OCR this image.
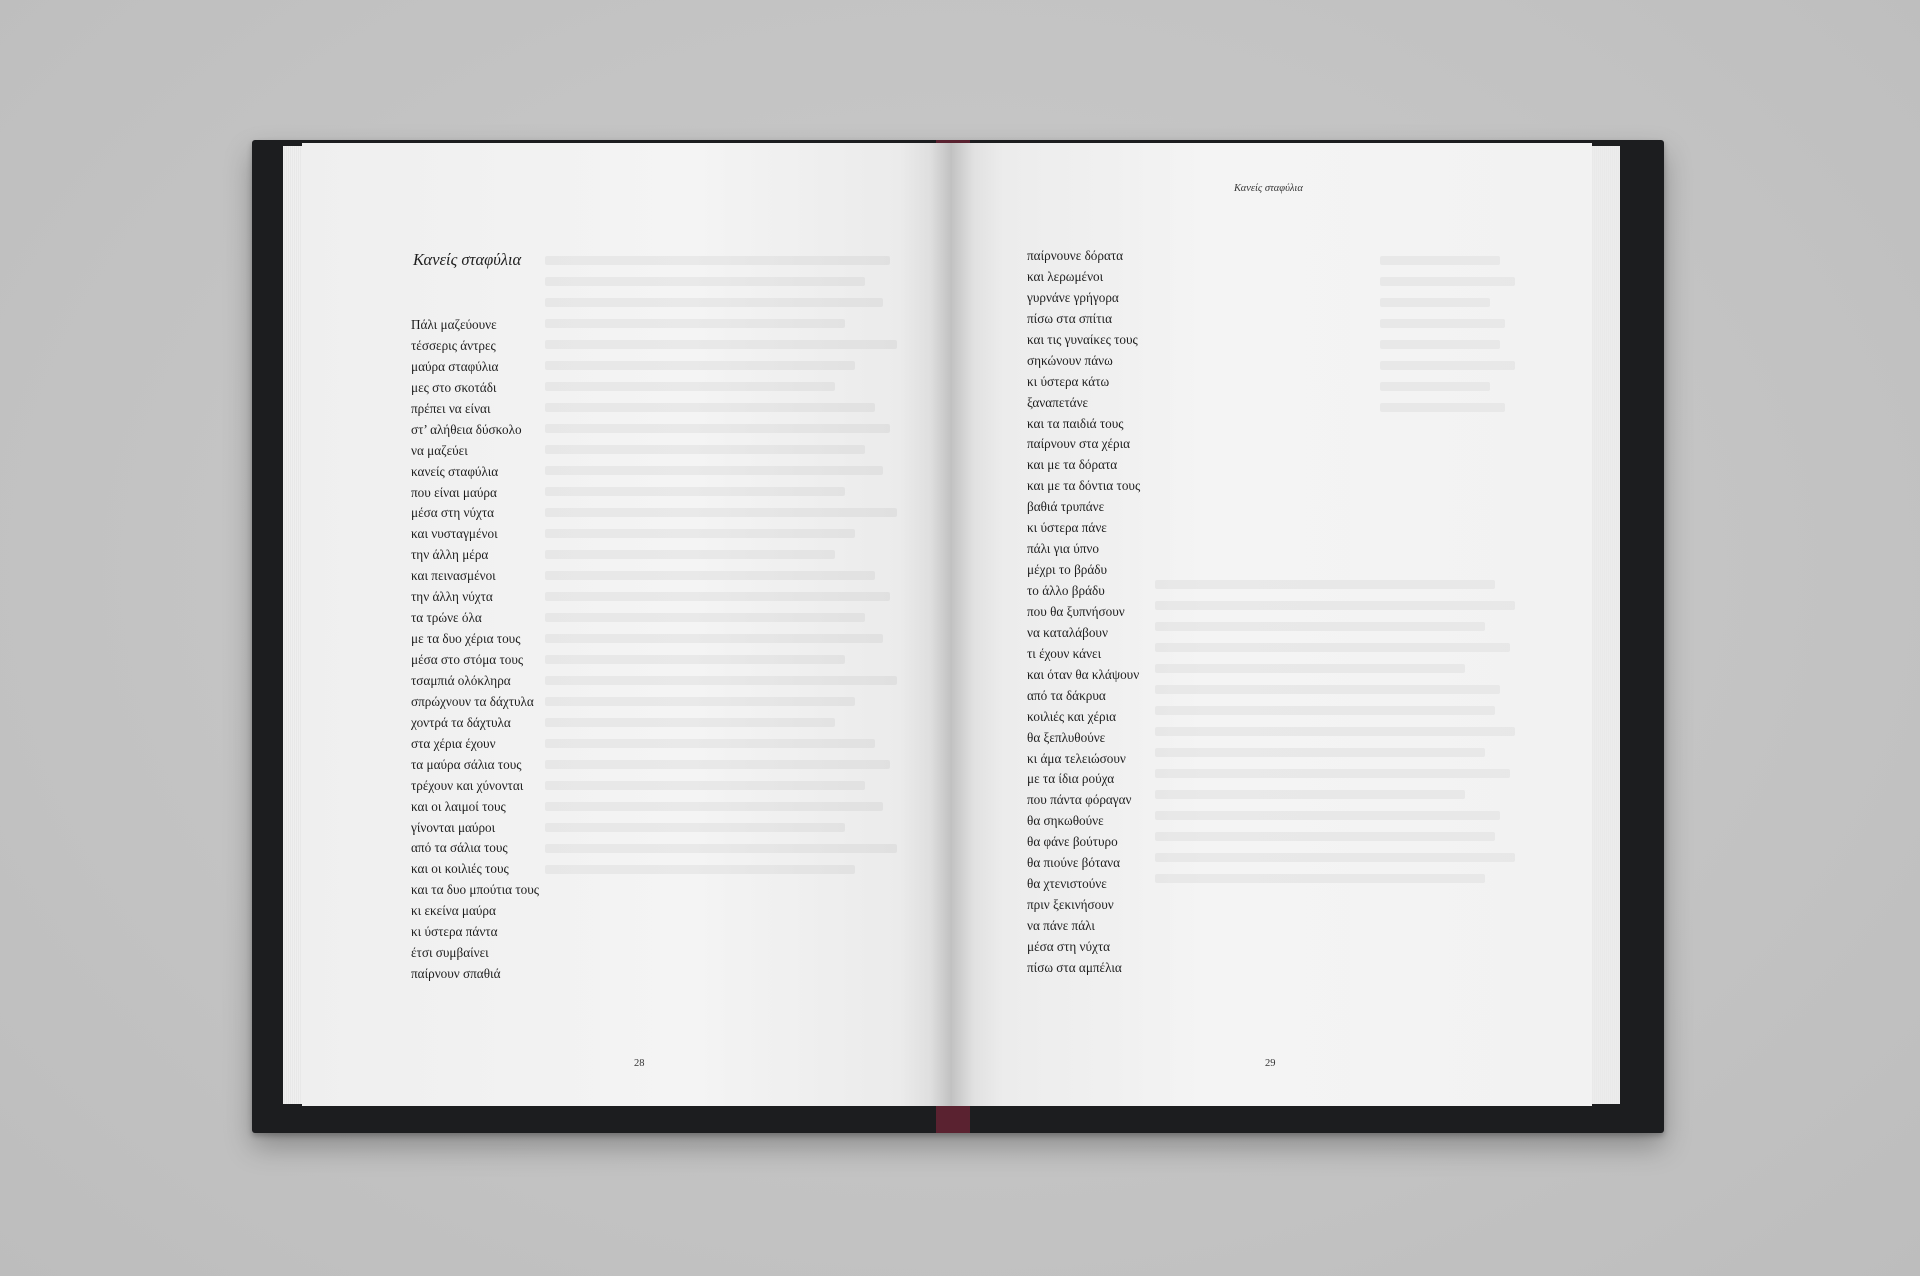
Κανείς σταφύλια
Πάλι μαζεύουνε
τέσσερις άντρες
μαύρα σταφύλια
μες στο σκοτάδι
πρέπει να είναι
στ’ αλήθεια δύσκολο
να μαζεύει
κανείς σταφύλια
που είναι μαύρα
μέσα στη νύχτα
και νυσταγμένοι
την άλλη μέρα
και πεινασμένοι
την άλλη νύχτα
τα τρώνε όλα
με τα δυο χέρια τους
μέσα στο στόμα τους
τσαμπιά ολόκληρα
σπρώχνουν τα δάχτυλα
χοντρά τα δάχτυλα
στα χέρια έχουν
τα μαύρα σάλια τους
τρέχουν και χύνονται
και οι λαιμοί τους
γίνονται μαύροι
από τα σάλια τους
και οι κοιλιές τους
και τα δυο μπούτια τους
κι εκείνα μαύρα
κι ύστερα πάντα
έτσι συμβαίνει
παίρνουν σπαθιά
28
Κανείς σταφύλια
παίρνουνε δόρατα
και λερωμένοι
γυρνάνε γρήγορα
πίσω στα σπίτια
και τις γυναίκες τους
σηκώνουν πάνω
κι ύστερα κάτω
ξαναπετάνε
και τα παιδιά τους
παίρνουν στα χέρια
και με τα δόρατα
και με τα δόντια τους
βαθιά τρυπάνε
κι ύστερα πάνε
πάλι για ύπνο
μέχρι το βράδυ
το άλλο βράδυ
που θα ξυπνήσουν
να καταλάβουν
τι έχουν κάνει
και όταν θα κλάψουν
από τα δάκρυα
κοιλιές και χέρια
θα ξεπλυθούνε
κι άμα τελειώσουν
με τα ίδια ρούχα
που πάντα φόραγαν
θα σηκωθούνε
θα φάνε βούτυρο
θα πιούνε βότανα
θα χτενιστούνε
πριν ξεκινήσουν
να πάνε πάλι
μέσα στη νύχτα
πίσω στα αμπέλια
29
